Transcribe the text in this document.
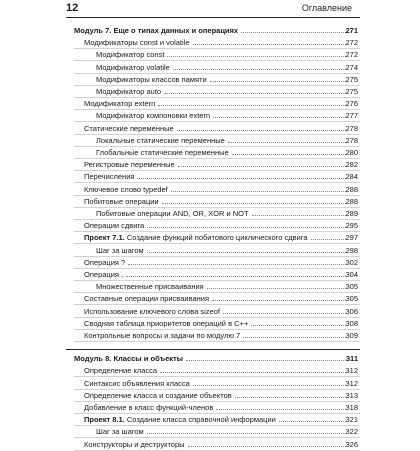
12	Оглавление
Модуль 7. Еще о типах данных и операциях	271
Модификаторы const и volatile	272
Модификатор const	272
Модификатор volatile	274
Модификаторы классов памяти	275
Модификатор auto	275
Модификатор extern	276
Модификатор компоновки extern	277
Статические переменные	278
Локальные статические переменные	278
Глобальные статические переменные	280
Регистровые переменные	282
Перечисления	284
Ключевое слово typedef	288
Побитовые операции	288
Побитовые операции AND, OR, XOR и NOT	289
Операции сдвига	295
Проект 7.1. Создание функций побитового циклического сдвига	297
Шаг за шагом	298
Операция ?	302
Операция ,	304
Множественные присваивания	305
Составные операции присваивания	305
Использование ключевого слова sizeof	306
Сводная таблица приоритетов операций в C++	308
Контрольные вопросы и задачи по модулю 7	309
Модуль 8. Классы и объекты	311
Определение класса	312
Синтаксис объявления класса	312
Определение класса и создание объектов	313
Добавление в класс функций-членов	318
Проект 8.1. Создание класса справочной информации	321
Шаг за шагом	322
Конструкторы и деструкторы	326
